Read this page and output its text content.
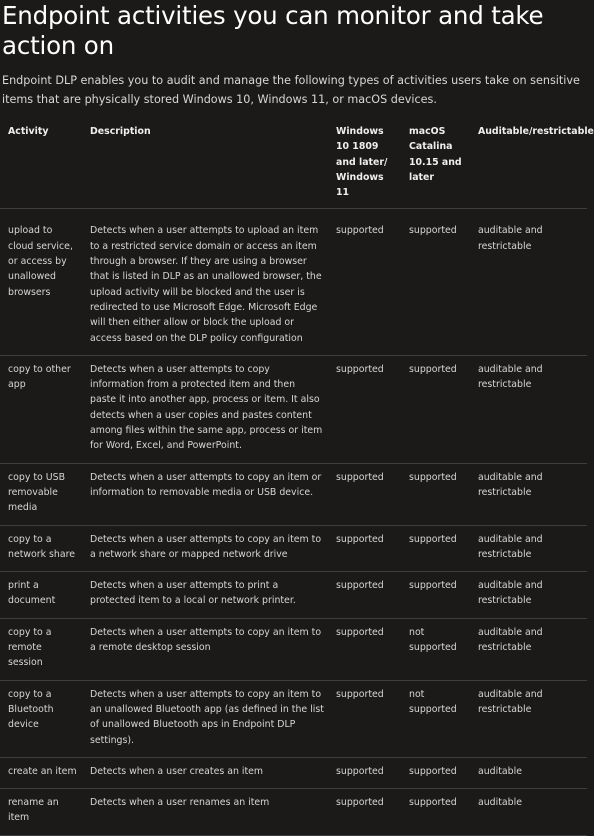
Endpoint activities you can monitor and take action on

Endpoint DLP enables you to audit and manage the following types of activities users take on sensitive items that are physically stored Windows 10, Windows 11, or macOS devices.

Activity	Description	Windows 10 1809 and later/ Windows 11	macOS Catalina 10.15 and later	Auditable/restrictable
upload to cloud service, or access by unallowed browsers	Detects when a user attempts to upload an item to a restricted service domain or access an item through a browser. If they are using a browser that is listed in DLP as an unallowed browser, the upload activity will be blocked and the user is redirected to use Microsoft Edge. Microsoft Edge will then either allow or block the upload or access based on the DLP policy configuration	supported	supported	auditable and restrictable
copy to other app	Detects when a user attempts to copy information from a protected item and then paste it into another app, process or item. It also detects when a user copies and pastes content among files within the same app, process or item for Word, Excel, and PowerPoint.	supported	supported	auditable and restrictable
copy to USB removable media	Detects when a user attempts to copy an item or information to removable media or USB device.	supported	supported	auditable and restrictable
copy to a network share	Detects when a user attempts to copy an item to a network share or mapped network drive	supported	supported	auditable and restrictable
print a document	Detects when a user attempts to print a protected item to a local or network printer.	supported	supported	auditable and restrictable
copy to a remote session	Detects when a user attempts to copy an item to a remote desktop session	supported	not supported	auditable and restrictable
copy to a Bluetooth device	Detects when a user attempts to copy an item to an unallowed Bluetooth app (as defined in the list of unallowed Bluetooth aps in Endpoint DLP settings).	supported	not supported	auditable and restrictable
create an item	Detects when a user creates an item	supported	supported	auditable
rename an item	Detects when a user renames an item	supported	supported	auditable
